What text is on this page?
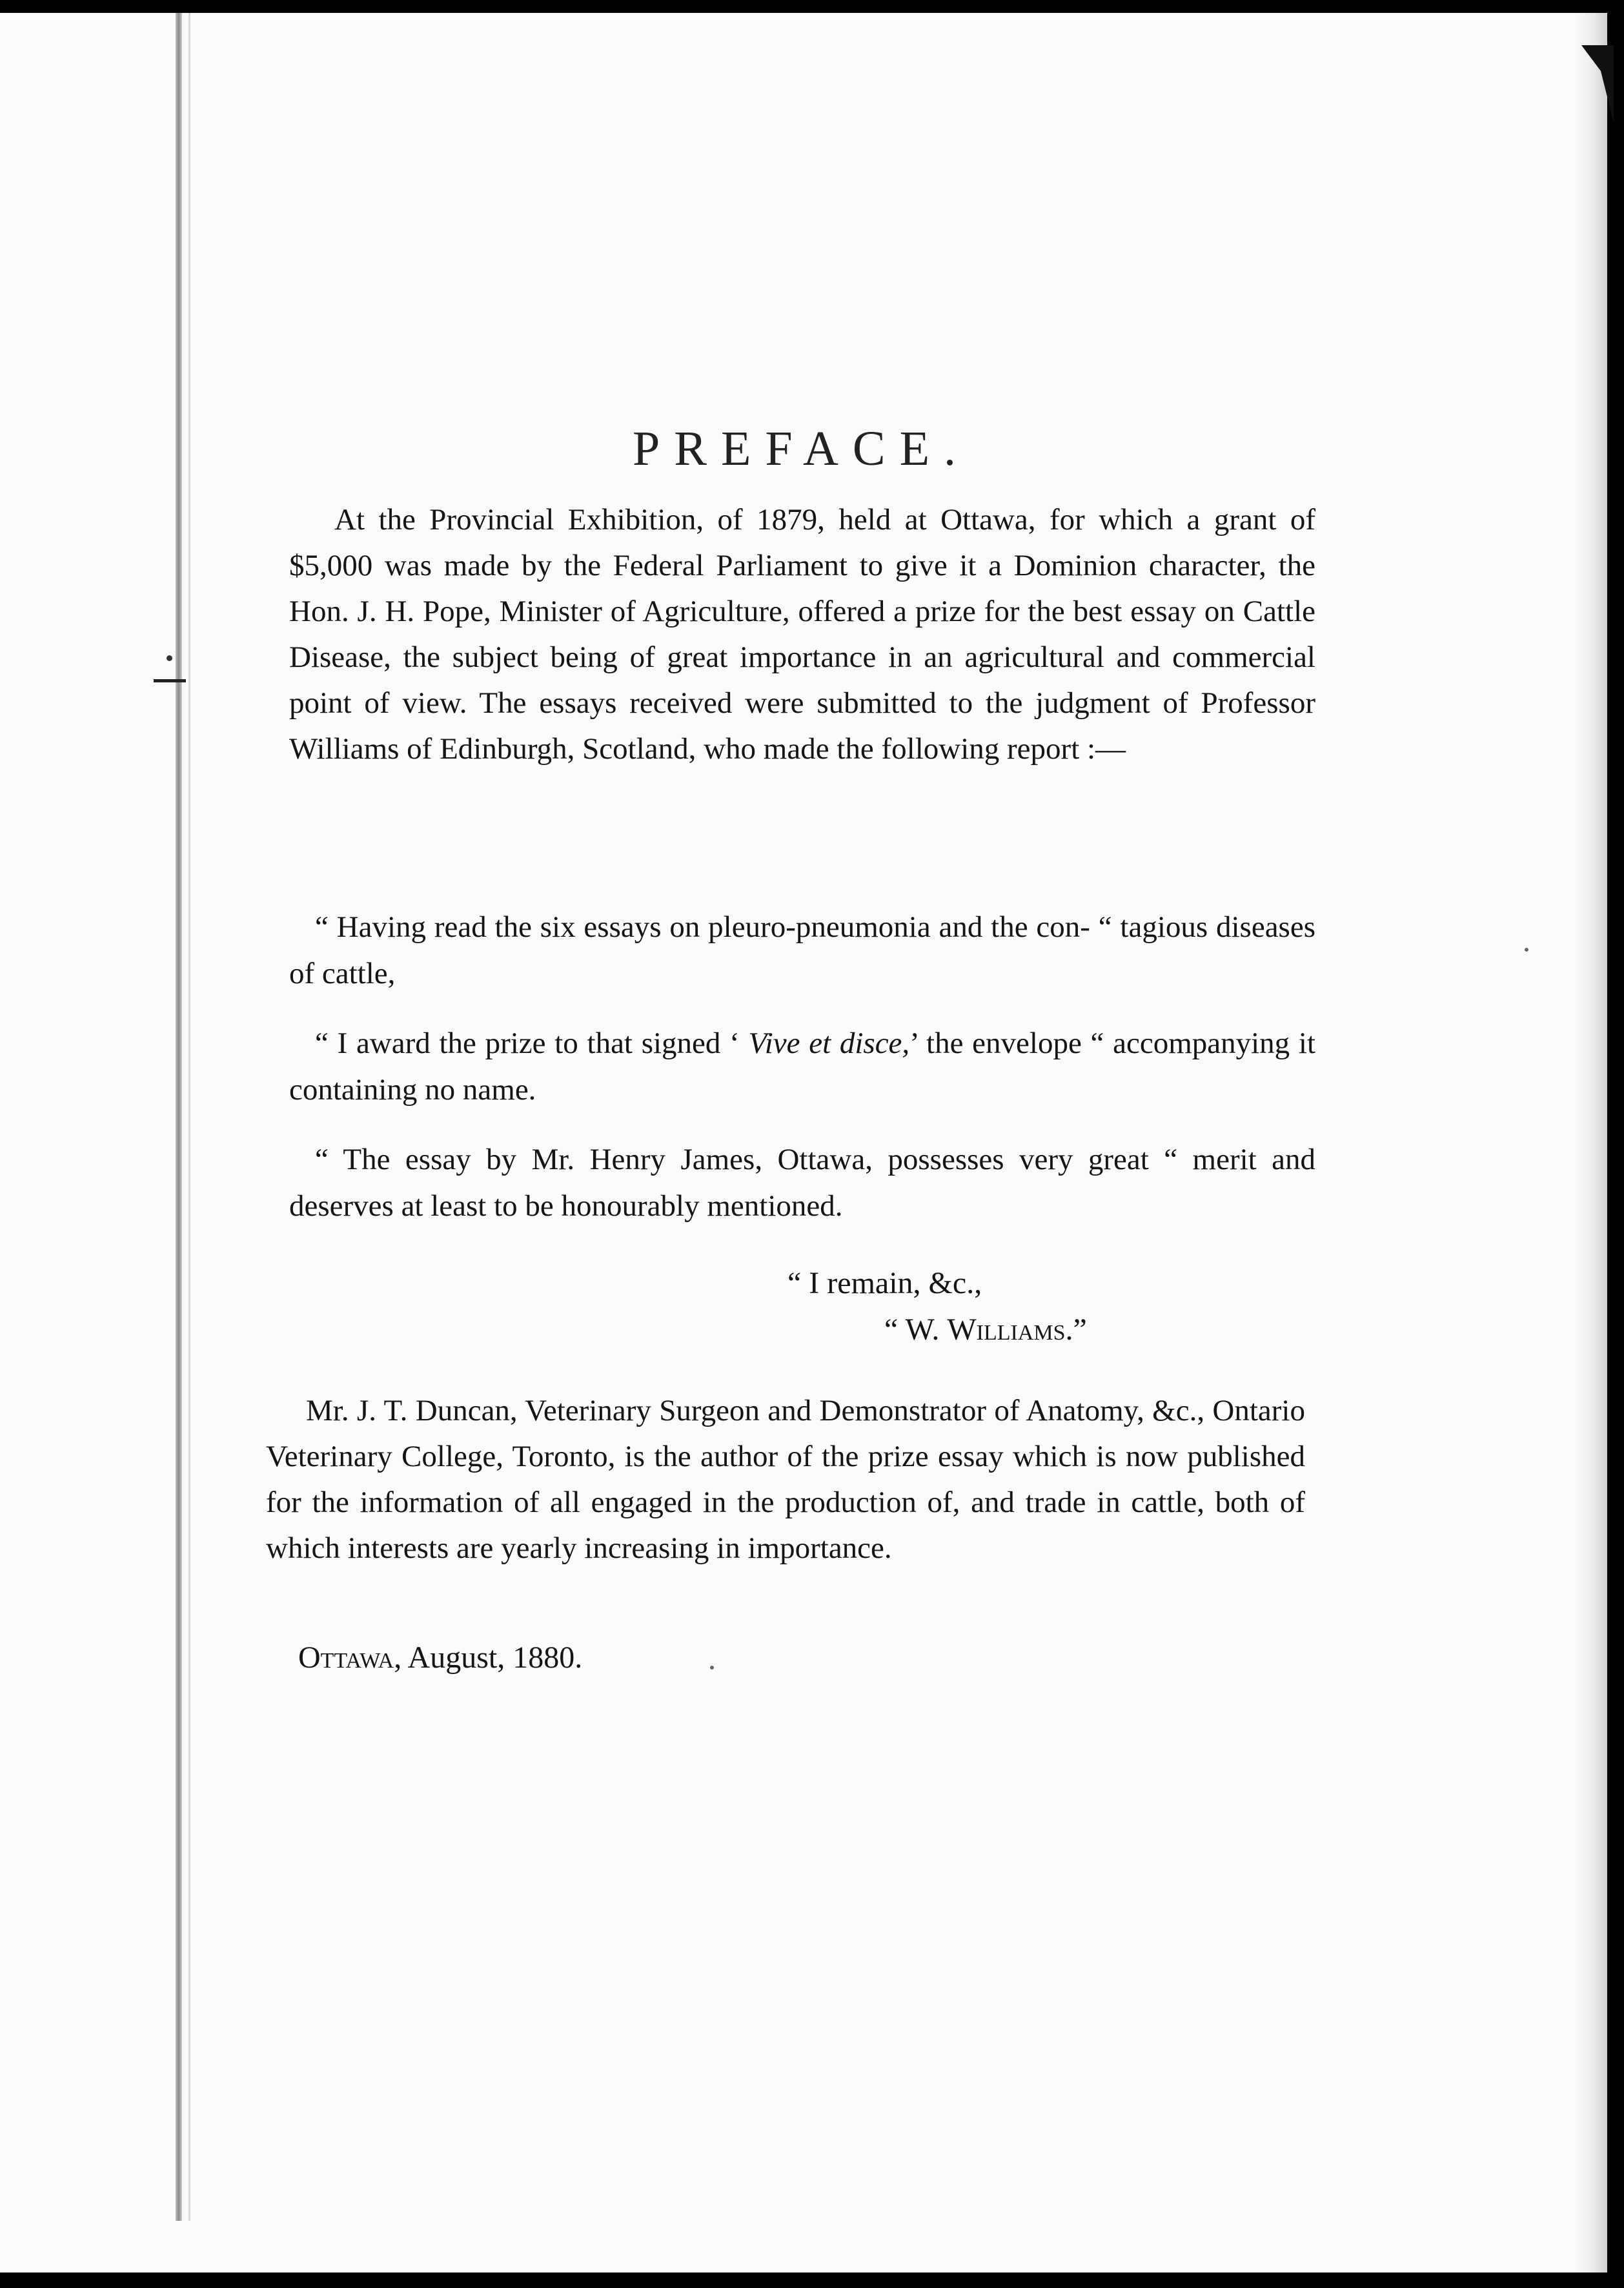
PREFACE.
At the Provincial Exhibition, of 1879, held at Ottawa, for which a grant of $5,000 was made by the Federal Parliament to give it a Dominion character, the Hon. J. H. Pope, Minister of Agriculture, offered a prize for the best essay on Cattle Disease, the subject being of great importance in an agricultural and commercial point of view. The essays received were submitted to the judgment of Professor Williams of Edinburgh, Scotland, who made the following report :—
“ Having read the six essays on pleuro-pneumonia and the con- “ tagious diseases of cattle,
“ I award the prize to that signed ‘ Vive et disce,’ the envelope “ accompanying it containing no name.
“ The essay by Mr. Henry James, Ottawa, possesses very great “ merit and deserves at least to be honourably mentioned.
“ I remain, &c.,
“ W. Williams.”
Mr. J. T. Duncan, Veterinary Surgeon and Demonstrator of Anatomy, &c., Ontario Veterinary College, Toronto, is the author of the prize essay which is now published for the information of all engaged in the production of, and trade in cattle, both of which interests are yearly increasing in importance.
Ottawa, August, 1880.
